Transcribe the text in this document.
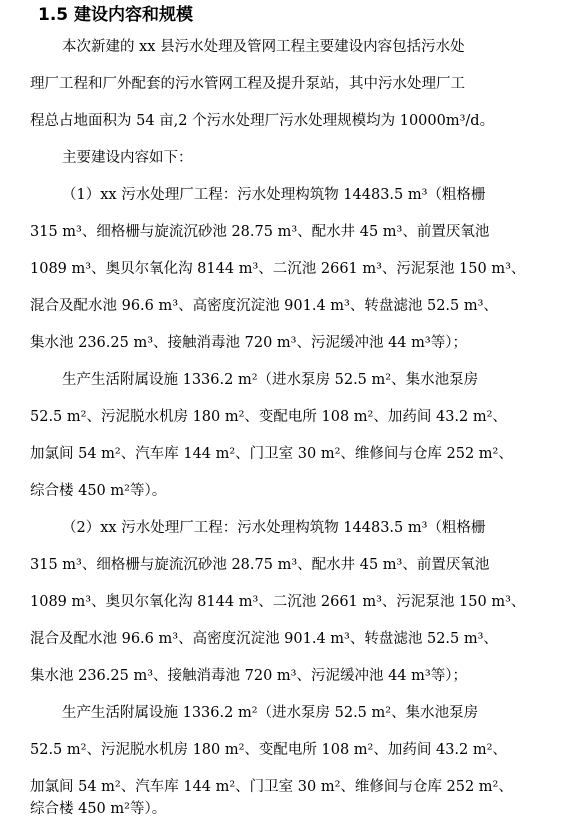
1.5 建设内容和规模
本次新建的 xx 县污水处理及管网工程主要建设内容包括污水处
理厂工程和厂外配套的污水管网工程及提升泵站，其中污水处理厂工
程总占地面积为 54 亩,2 个污水处理厂污水处理规模均为 10000m³/d。
主要建设内容如下：
（1）xx 污水处理厂工程：污水处理构筑物 14483.5 m³（粗格栅
315 m³、细格栅与旋流沉砂池 28.75 m³、配水井 45 m³、前置厌氧池
1089 m³、奥贝尔氧化沟 8144 m³、二沉池 2661 m³、污泥泵池 150 m³、
混合及配水池 96.6 m³、高密度沉淀池 901.4 m³、转盘滤池 52.5 m³、
集水池 236.25 m³、接触消毒池 720 m³、污泥缓冲池 44 m³等）；
生产生活附属设施 1336.2 m²（进水泵房 52.5 m²、集水池泵房
52.5 m²、污泥脱水机房 180 m²、变配电所 108 m²、加药间 43.2 m²、
加氯间 54 m²、汽车库 144 m²、门卫室 30 m²、维修间与仓库 252 m²、
综合楼 450 m²等）。
（2）xx 污水处理厂工程：污水处理构筑物 14483.5 m³（粗格栅
315 m³、细格栅与旋流沉砂池 28.75 m³、配水井 45 m³、前置厌氧池
1089 m³、奥贝尔氧化沟 8144 m³、二沉池 2661 m³、污泥泵池 150 m³、
混合及配水池 96.6 m³、高密度沉淀池 901.4 m³、转盘滤池 52.5 m³、
集水池 236.25 m³、接触消毒池 720 m³、污泥缓冲池 44 m³等）；
生产生活附属设施 1336.2 m²（进水泵房 52.5 m²、集水池泵房
52.5 m²、污泥脱水机房 180 m²、变配电所 108 m²、加药间 43.2 m²、
加氯间 54 m²、汽车库 144 m²、门卫室 30 m²、维修间与仓库 252 m²、
综合楼 450 m²等）。
